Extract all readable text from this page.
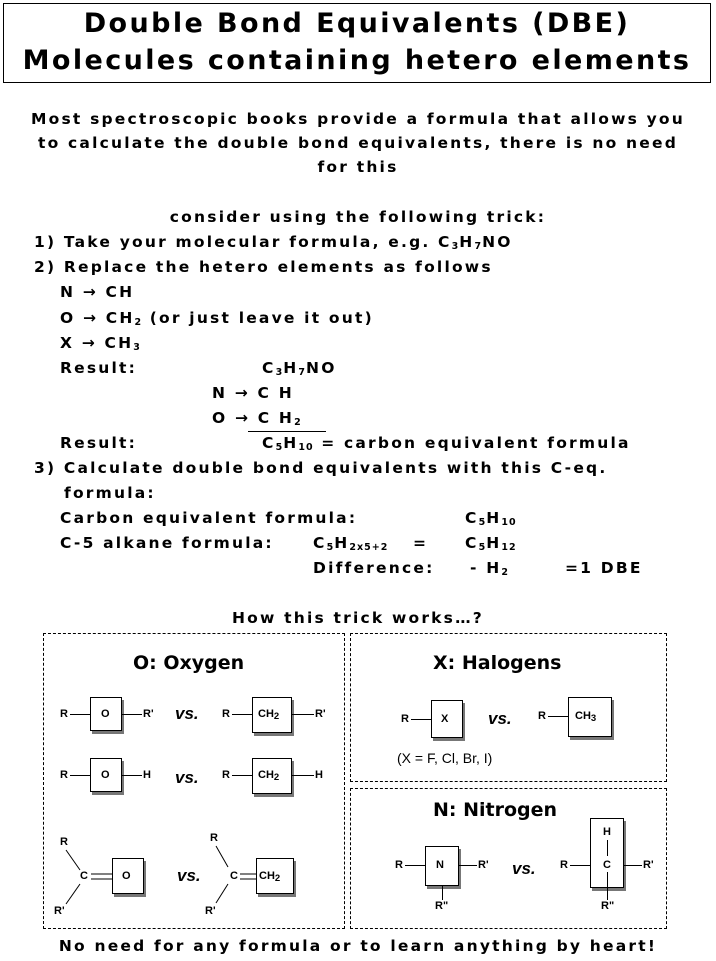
Double Bond Equivalents (DBE)
Molecules containing hetero elements
Most spectroscopic books provide a formula that allows you
to calculate the double bond equivalents, there is no need
for this
consider using the following trick:
1) Take your molecular formula, e.g. $C_3H_7NO$
2) Replace the hetero elements as follows
N → CH
$O \to CH_2$ (or just leave it out)
$X \to CH_3$
Result:	$C_3H_7NO$
N → C H
O → C $H_2$
Result:	$C_5H_{10}$ = carbon equivalent formula
3) Calculate double bond equivalents with this C-eq.
formula:
Carbon equivalent formula:	$C_5H_{10}$
C-5 alkane formula:	$C_5H_{2x5+2} = C_5H_{12}$
Difference: - $H_2$	=1 DBE
How this trick works…?
O: Oxygen
R	O	R' vs. R	$CH_2$	R'
R	O	H vs. R	$CH_2$	H
R
R'
C	O	vs.
R
R'
C $CH_2$
X: Halogens
R	X vs. R	$CH_3$
(X = F, Cl, Br, I)
N: Nitrogen
R	N	R'
R"
vs. R
H
C	R'
R"
No need for any formula or to learn anything by heart!
